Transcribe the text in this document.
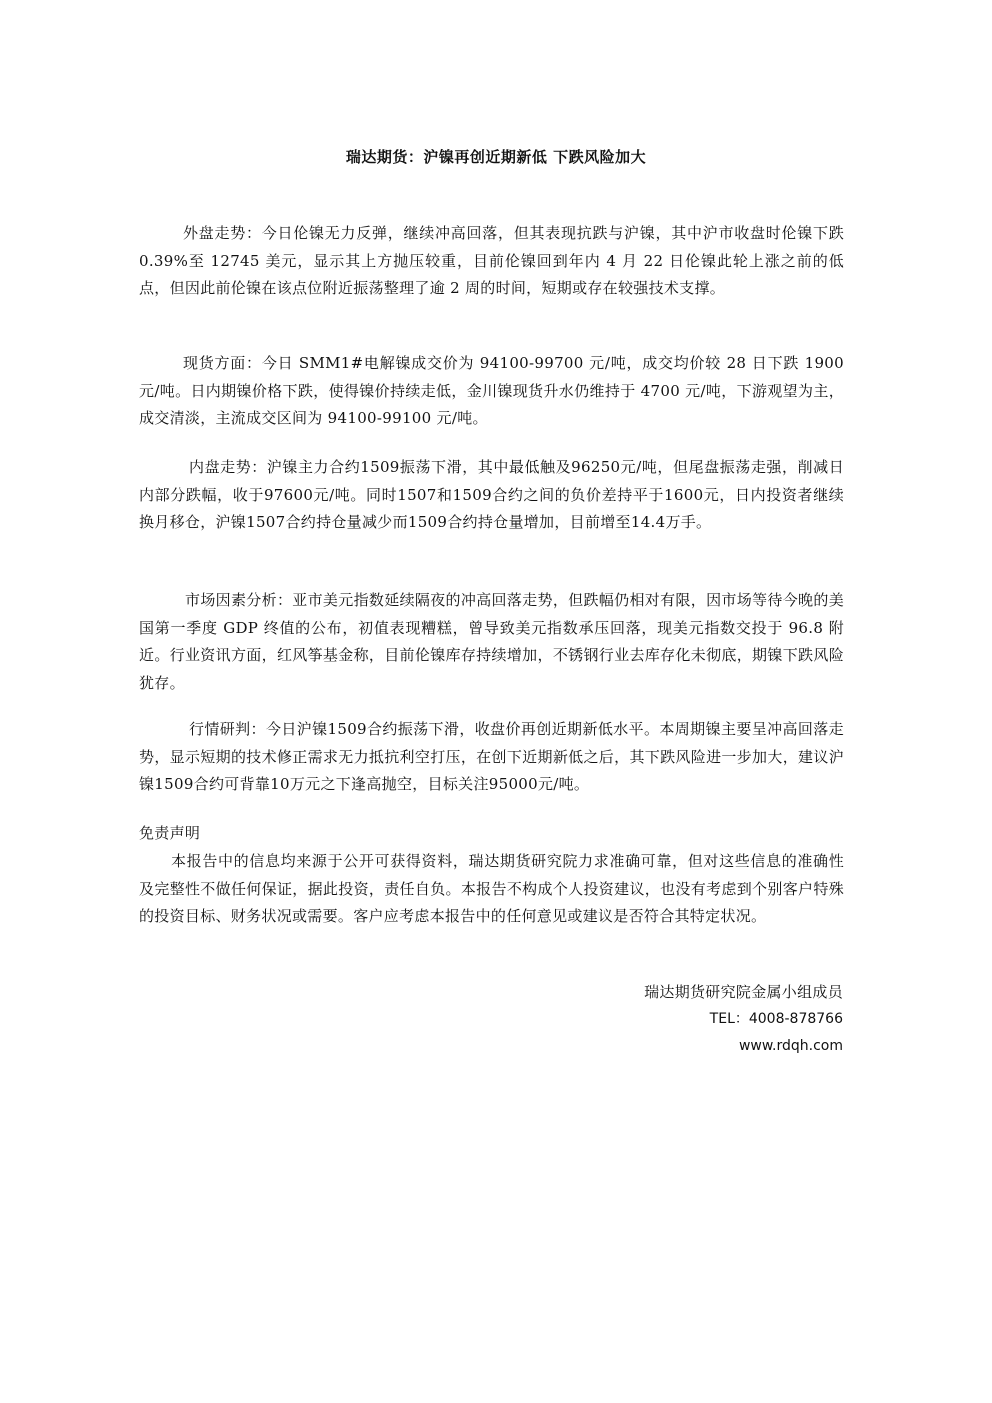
瑞达期货：沪镍再创近期新低 下跌风险加大

外盘走势：今日伦镍无力反弹，继续冲高回落，但其表现抗跌与沪镍，其中沪市收盘时伦镍下跌 0.39%至 12745 美元，显示其上方抛压较重，目前伦镍回到年内 4 月 22 日伦镍此轮上涨之前的低点，但因此前伦镍在该点位附近振荡整理了逾 2 周的时间，短期或存在较强技术支撑。

现货方面：今日 SMM1#电解镍成交价为 94100-99700 元/吨，成交均价较 28 日下跌 1900元/吨。日内期镍价格下跌，使得镍价持续走低，金川镍现货升水仍维持于 4700 元/吨，下游观望为主，成交清淡，主流成交区间为 94100-99100 元/吨。

内盘走势：沪镍主力合约1509振荡下滑，其中最低触及96250元/吨，但尾盘振荡走强，削减日内部分跌幅，收于97600元/吨。同时1507和1509合约之间的负价差持平于1600元，日内投资者继续换月移仓，沪镍1507合约持仓量减少而1509合约持仓量增加，目前增至14.4万手。

市场因素分析：亚市美元指数延续隔夜的冲高回落走势，但跌幅仍相对有限，因市场等待今晚的美国第一季度 GDP 终值的公布，初值表现糟糕，曾导致美元指数承压回落，现美元指数交投于 96.8 附近。行业资讯方面，红风筝基金称，目前伦镍库存持续增加，不锈钢行业去库存化未彻底，期镍下跌风险犹存。

行情研判：今日沪镍1509合约振荡下滑，收盘价再创近期新低水平。本周期镍主要呈冲高回落走势，显示短期的技术修正需求无力抵抗利空打压，在创下近期新低之后，其下跌风险进一步加大，建议沪镍1509合约可背靠10万元之下逢高抛空，目标关注95000元/吨。

免责声明

本报告中的信息均来源于公开可获得资料，瑞达期货研究院力求准确可靠，但对这些信息的准确性及完整性不做任何保证，据此投资，责任自负。本报告不构成个人投资建议，也没有考虑到个别客户特殊的投资目标、财务状况或需要。客户应考虑本报告中的任何意见或建议是否符合其特定状况。

瑞达期货研究院金属小组成员
TEL：4008-878766
www.rdqh.com
